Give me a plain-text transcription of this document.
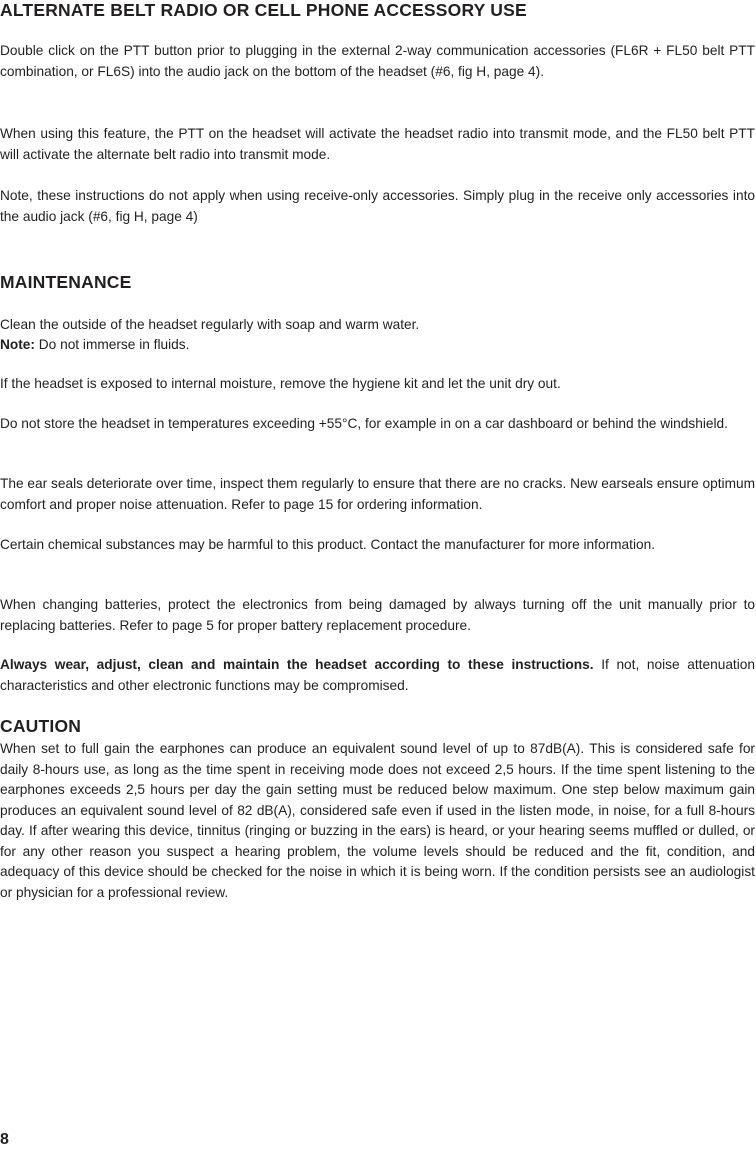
ALTERNATE BELT RADIO OR CELL PHONE ACCESSORY USE

Double click on the PTT button prior to plugging in the external 2-way communication accessories (FL6R + FL50 belt PTT combination, or FL6S) into the audio jack on the bottom of the headset (#6, fig H, page 4).

When using this feature, the PTT on the headset will activate the headset radio into transmit mode, and the FL50 belt PTT will activate the alternate belt radio into transmit mode.

Note, these instructions do not apply when using receive-only accessories. Simply plug in the receive only accessories into the audio jack (#6, fig H, page 4)

MAINTENANCE

Clean the outside of the headset regularly with soap and warm water.

Note: Do not immerse in fluids.

If the headset is exposed to internal moisture, remove the hygiene kit and let the unit dry out.

Do not store the headset in temperatures exceeding +55°C, for example in on a car dashboard or behind the windshield.

The ear seals deteriorate over time, inspect them regularly to ensure that there are no cracks. New earseals ensure optimum comfort and proper noise attenuation. Refer to page 15 for ordering information.

Certain chemical substances may be harmful to this product. Contact the manufacturer for more information.

When changing batteries, protect the electronics from being damaged by always turning off the unit manually prior to replacing batteries. Refer to page 5 for proper battery replacement procedure.

Always wear, adjust, clean and maintain the headset according to these instructions. If not, noise attenuation characteristics and other electronic functions may be compromised.

CAUTION

When set to full gain the earphones can produce an equivalent sound level of up to 87dB(A). This is considered safe for daily 8-hours use, as long as the time spent in receiving mode does not exceed 2,5 hours. If the time spent listening to the earphones exceeds 2,5 hours per day the gain setting must be reduced below maximum. One step below maximum gain produces an equivalent sound level of 82 dB(A), considered safe even if used in the listen mode, in noise, for a full 8-hours day. If after wearing this device, tinnitus (ringing or buzzing in the ears) is heard, or your hearing seems muffled or dulled, or for any other reason you suspect a hearing problem, the volume levels should be reduced and the fit, condition, and adequacy of this device should be checked for the noise in which it is being worn. If the condition persists see an audiologist or physician for a professional review.

8
